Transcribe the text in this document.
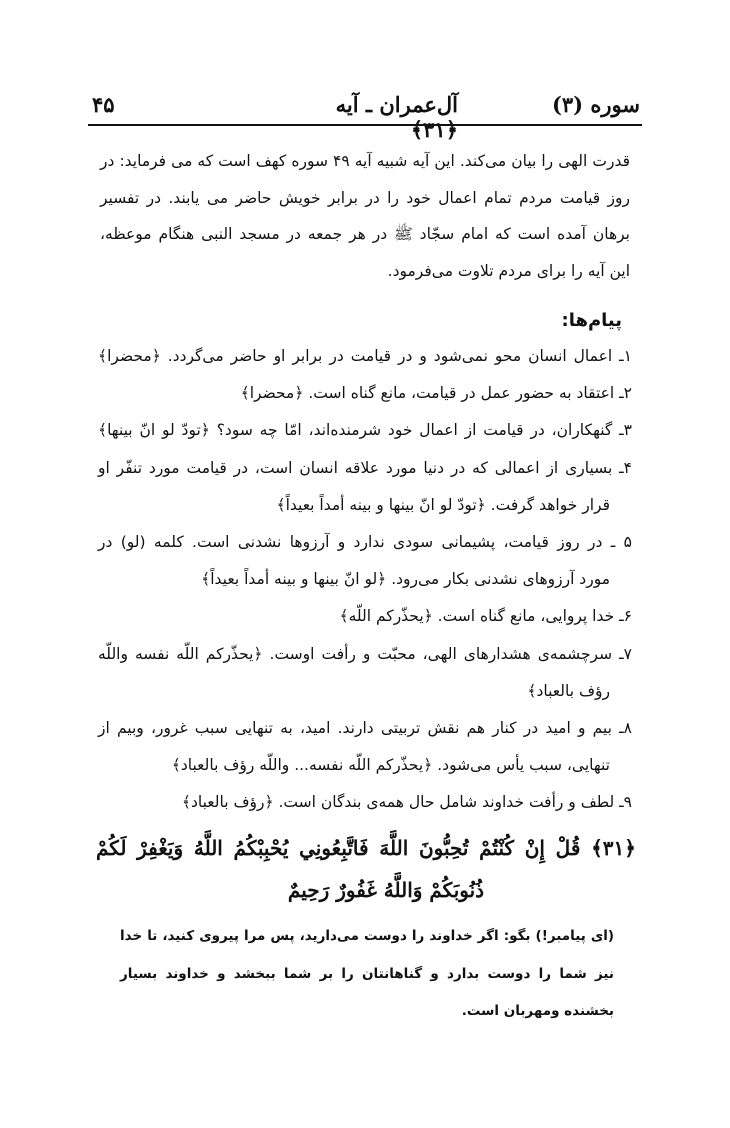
سوره (۳)
آل‌عمران ـ آیه ﴿۳۱﴾
۴۵
قدرت الهی را بیان می‌کند. این آیه شبیه آیه ۴۹ سوره کهف است که می فرماید: در
روز قیامت مردم تمام اعمال خود را در برابر خویش حاضر می یابند. در تفسیر
برهان آمده است که امام سجّاد ﷺ در هر جمعه در مسجد النبی هنگام موعظه،
این آیه را برای مردم تلاوت می‌فرمود.
پیام‌ها:
۱ـ اعمال انسان محو نمی‌شود و در قیامت در برابر او حاضر می‌گردد. ﴿محضرا﴾
۲ـ اعتقاد به حضور عمل در قیامت، مانع گناه است. ﴿محضرا﴾
۳ـ گنهکاران، در قیامت از اعمال خود شرمنده‌اند، امّا چه سود؟ ﴿تودّ لو انّ بینها﴾
۴ـ بسیاری از اعمالی که در دنیا مورد علاقه انسان است، در قیامت مورد تنفّر او
قرار خواهد گرفت. ﴿تودّ لو انّ بینها و بینه أمداً بعیداً﴾
۵ ـ در روز قیامت، پشیمانی سودی ندارد و آرزوها نشدنی است. کلمه (لو) در
مورد آرزوهای نشدنی بکار می‌رود. ﴿لو انّ بینها و بینه أمداً بعیداً﴾
۶ـ خدا پروایی، مانع گناه است. ﴿یحذّرکم اللّه﴾
۷ـ سرچشمه‌ی هشدارهای الهی، محبّت و رأفت اوست. ﴿یحذّرکم اللّه نفسه واللّه
رؤف بالعباد﴾
۸ـ بیم و امید در کنار هم نقش تربیتی دارند. امید، به تنهایی سبب غرور، وبیم از
تنهایی، سبب یأس می‌شود. ﴿یحذّرکم اللّه نفسه... واللّه رؤف بالعباد﴾
۹ـ لطف و رأفت خداوند شامل حال همه‌ی بندگان است. ﴿رؤف بالعباد﴾
﴿۳۱﴾ قُلْ إِنْ كُنْتُمْ تُحِبُّونَ اللَّهَ فَاتَّبِعُونِي يُحْبِبْكُمُ اللَّهُ وَيَغْفِرْ لَكُمْ
ذُنُوبَكُمْ وَاللَّهُ غَفُورٌ رَحِيمٌ
(ای پیامبر!) بگو: اگر خداوند را دوست می‌دارید، پس مرا پیروی کنید، تا خدا
نیز شما را دوست بدارد و گناهانتان را بر شما ببخشد و خداوند بسیار
بخشنده ومهربان است.
